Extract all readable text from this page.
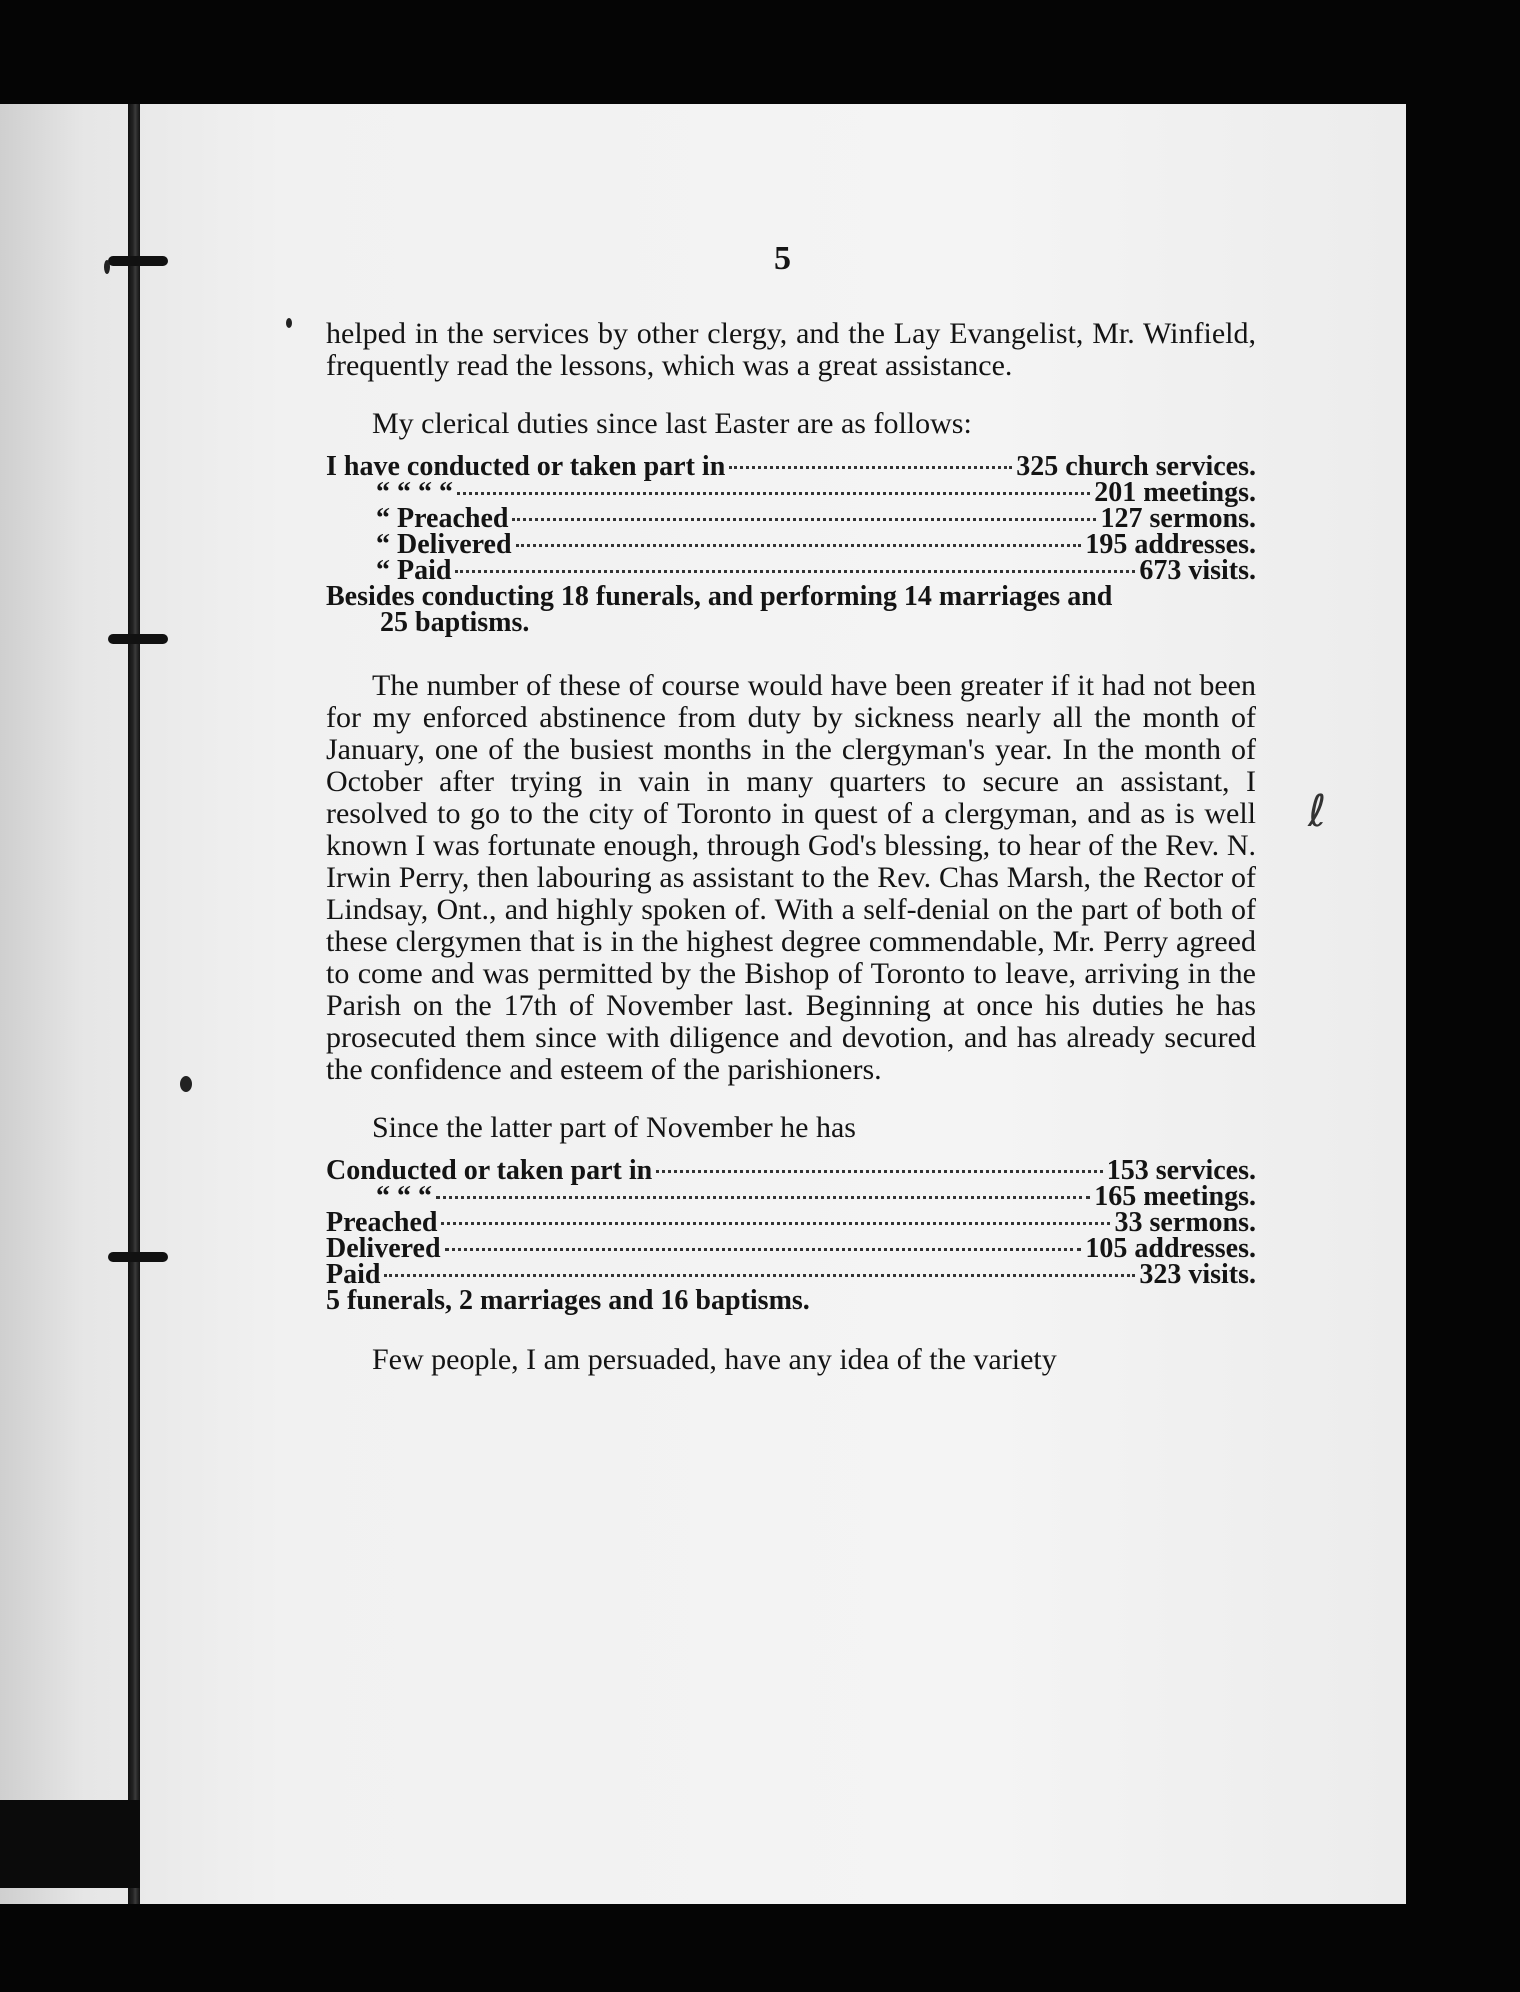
ℓ
5

helped in the services by other clergy, and the Lay Evangelist, Mr. Winfield, frequently read the lessons, which was a great assistance.

My clerical duties since last Easter are as follows:

I have conducted or taken part in	325 church services.
“ “ “ “	201 meetings.
“ Preached	127 sermons.
“ Delivered	195 addresses.
“ Paid	673 visits.

Besides conducting 18 funerals, and performing 14 marriages and

25 baptisms.

The number of these of course would have been greater if it had not been for my enforced abstinence from duty by sickness nearly all the month of January, one of the busiest months in the clergyman's year. In the month of October after trying in vain in many quarters to secure an assistant, I resolved to go to the city of Toronto in quest of a clergyman, and as is well known I was fortunate enough, through God's blessing, to hear of the Rev. N. Irwin Perry, then labouring as assistant to the Rev. Chas Marsh, the Rector of Lindsay, Ont., and highly spoken of. With a self-denial on the part of both of these clergymen that is in the highest degree commendable, Mr. Perry agreed to come and was permitted by the Bishop of Toronto to leave, arriving in the Parish on the 17th of November last. Beginning at once his duties he has prosecuted them since with diligence and devotion, and has already secured the confidence and esteem of the parishioners.

Since the latter part of November he has

Conducted or taken part in	153 services.
“ “ “	165 meetings.
Preached	33 sermons.
Delivered	105 addresses.
Paid	323 visits.

5 funerals, 2 marriages and 16 baptisms.

Few people, I am persuaded, have any idea of the variety
